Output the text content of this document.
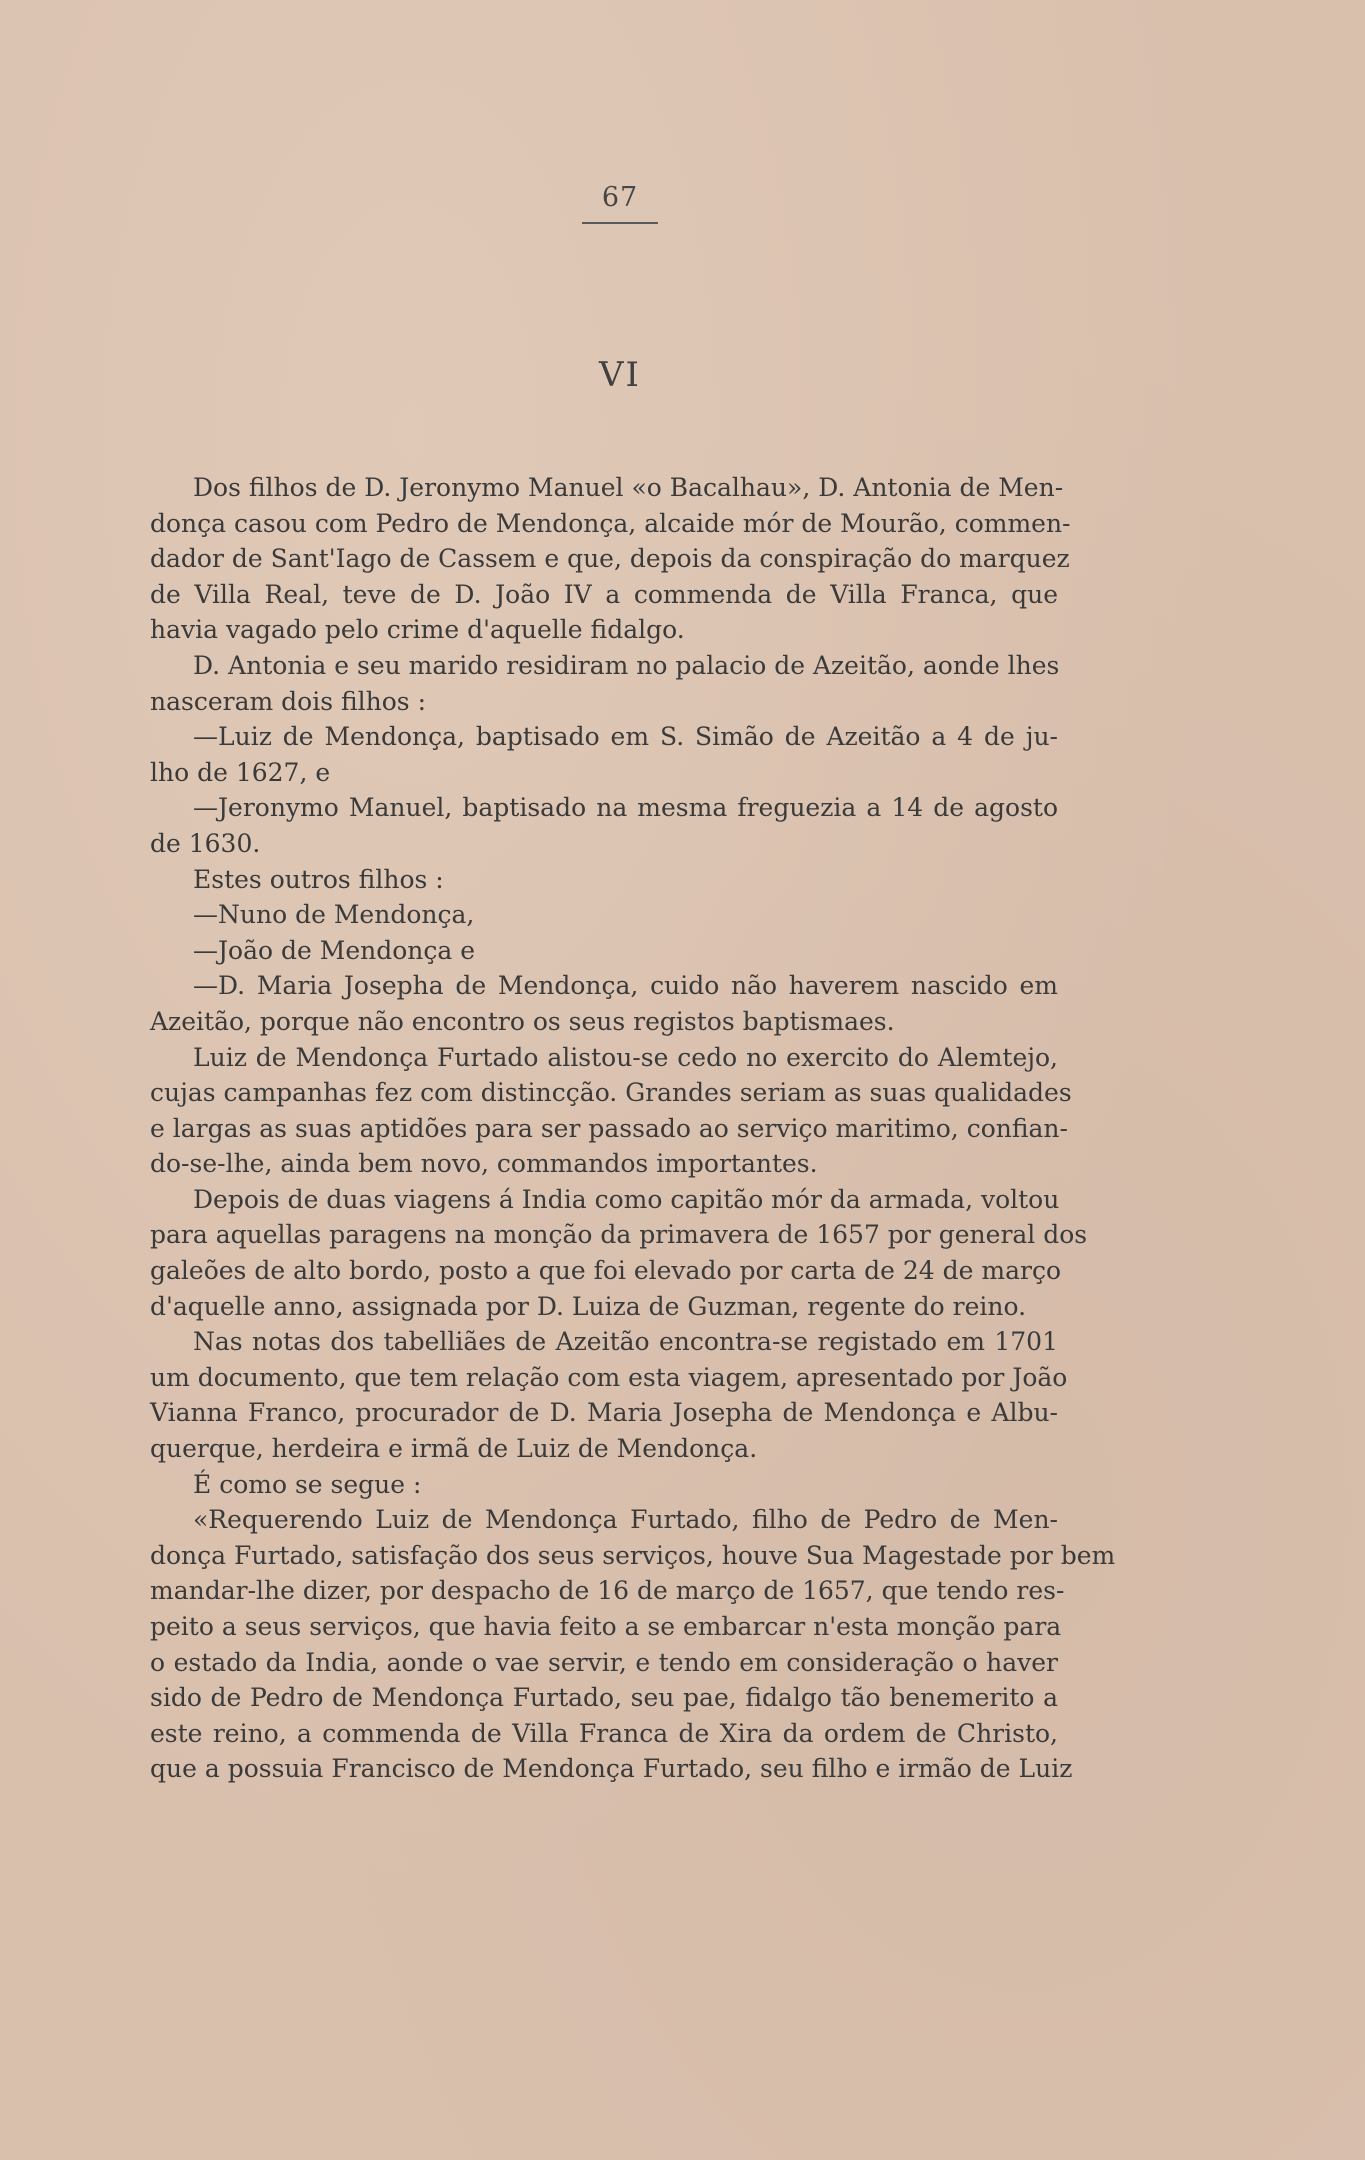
67
VI
Dos filhos de D. Jeronymo Manuel «o Bacalhau», D. Antonia de Men-
donça casou com Pedro de Mendonça, alcaide mór de Mourão, commen-
dador de Sant'Iago de Cassem e que, depois da conspiração do marquez
de Villa Real, teve de D. João IV a commenda de Villa Franca, que
havia vagado pelo crime d'aquelle fidalgo.
D. Antonia e seu marido residiram no palacio de Azeitão, aonde lhes
nasceram dois filhos :
—Luiz de Mendonça, baptisado em S. Simão de Azeitão a 4 de ju-
lho de 1627, e
—Jeronymo Manuel, baptisado na mesma freguezia a 14 de agosto
de 1630.
Estes outros filhos :
—Nuno de Mendonça,
—João de Mendonça e
—D. Maria Josepha de Mendonça, cuido não haverem nascido em
Azeitão, porque não encontro os seus registos baptismaes.
Luiz de Mendonça Furtado alistou-se cedo no exercito do Alemtejo,
cujas campanhas fez com distincção. Grandes seriam as suas qualidades
e largas as suas aptidões para ser passado ao serviço maritimo, confian-
do-se-lhe, ainda bem novo, commandos importantes.
Depois de duas viagens á India como capitão mór da armada, voltou
para aquellas paragens na monção da primavera de 1657 por general dos
galeões de alto bordo, posto a que foi elevado por carta de 24 de março
d'aquelle anno, assignada por D. Luiza de Guzman, regente do reino.
Nas notas dos tabelliães de Azeitão encontra-se registado em 1701
um documento, que tem relação com esta viagem, apresentado por João
Vianna Franco, procurador de D. Maria Josepha de Mendonça e Albu-
querque, herdeira e irmã de Luiz de Mendonça.
É como se segue :
«Requerendo Luiz de Mendonça Furtado, filho de Pedro de Men-
donça Furtado, satisfação dos seus serviços, houve Sua Magestade por bem
mandar-lhe dizer, por despacho de 16 de março de 1657, que tendo res-
peito a seus serviços, que havia feito a se embarcar n'esta monção para
o estado da India, aonde o vae servir, e tendo em consideração o haver
sido de Pedro de Mendonça Furtado, seu pae, fidalgo tão benemerito a
este reino, a commenda de Villa Franca de Xira da ordem de Christo,
que a possuia Francisco de Mendonça Furtado, seu filho e irmão de Luiz
